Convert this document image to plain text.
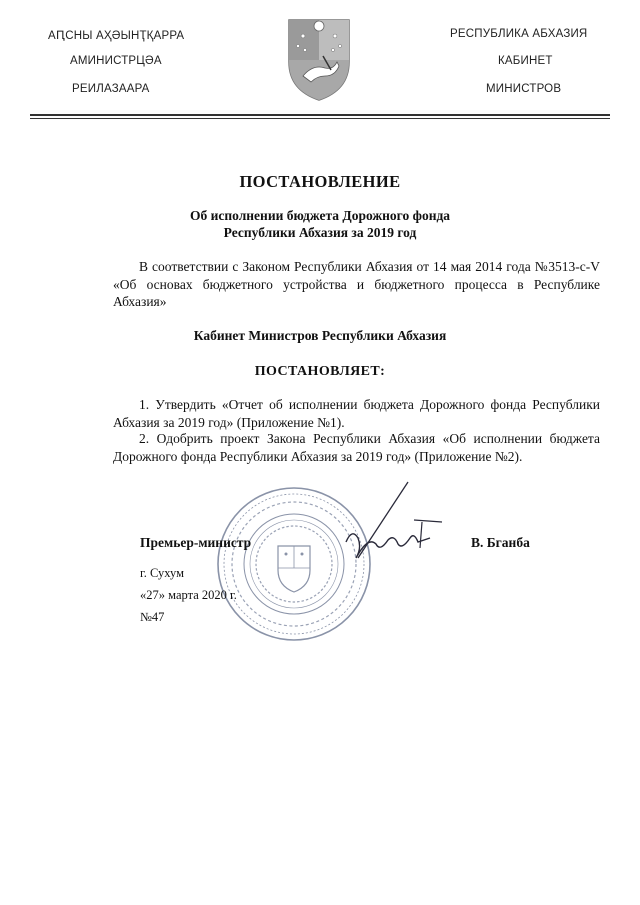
АԤСНЫ АҲӘЫНҬҚАРРА
АМИНИСТРЦӘА
РЕИЛАЗААРА
РЕСПУБЛИКА АБХАЗИЯ
КАБИНЕТ
МИНИСТРОВ
ПОСТАНОВЛЕНИЕ
Об исполнении бюджета Дорожного фонда
Республики Абхазия за 2019 год
В соответствии с Законом Республики Абхазия от 14 мая 2014 года №3513-с-V «Об основах бюджетного устройства и бюджетного процесса в Республике Абхазия»
Кабинет Министров Республики Абхазия
ПОСТАНОВЛЯЕТ:
1. Утвердить «Отчет об исполнении бюджета Дорожного фонда Республики Абхазия за 2019 год» (Приложение №1).
2. Одобрить проект Закона Республики Абхазия «Об исполнении бюджета Дорожного фонда Республики Абхазия за 2019 год» (Приложение №2).
Премьер-министр	В. Бганба
г. Сухум
«27» марта 2020 г.
№47
